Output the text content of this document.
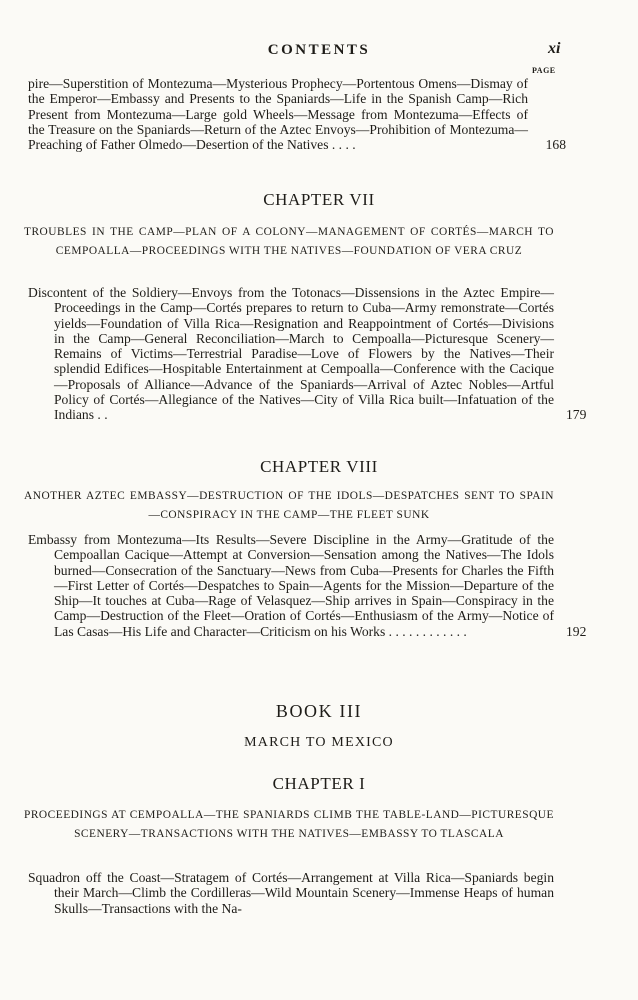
CONTENTS	xi
PAGE
pire—Superstition of Montezuma—Mysterious Prophecy—Portentous Omens—Dismay of the Emperor—Embassy and Presents to the Spaniards—Life in the Spanish Camp—Rich Present from Montezuma—Large gold Wheels—Message from Montezuma—Effects of the Treasure on the Spaniards—Return of the Aztec Envoys—Prohibition of Montezuma—Preaching of Father Olmedo—Desertion of the Natives . . . .	168
CHAPTER VII
TROUBLES IN THE CAMP—PLAN OF A COLONY—MANAGEMENT OF CORTÉS—MARCH TO CEMPOALLA—PROCEEDINGS WITH THE NATIVES—FOUNDATION OF VERA CRUZ
Discontent of the Soldiery—Envoys from the Totonacs—Dissensions in the Aztec Empire—Proceedings in the Camp—Cortés prepares to return to Cuba—Army remonstrate—Cortés yields—Foundation of Villa Rica—Resignation and Reappointment of Cortés—Divisions in the Camp—General Reconciliation—March to Cempoalla—Picturesque Scenery—Remains of Victims—Terrestrial Paradise—Love of Flowers by the Natives—Their splendid Edifices—Hospitable Entertainment at Cempoalla—Conference with the Cacique—Proposals of Alliance—Advance of the Spaniards—Arrival of Aztec Nobles—Artful Policy of Cortés—Allegiance of the Natives—City of Villa Rica built—Infatuation of the Indians . .	179
CHAPTER VIII
ANOTHER AZTEC EMBASSY—DESTRUCTION OF THE IDOLS—DESPATCHES SENT TO SPAIN—CONSPIRACY IN THE CAMP—THE FLEET SUNK
Embassy from Montezuma—Its Results—Severe Discipline in the Army—Gratitude of the Cempoallan Cacique—Attempt at Conversion—Sensation among the Natives—The Idols burned—Consecration of the Sanctuary—News from Cuba—Presents for Charles the Fifth—First Letter of Cortés—Despatches to Spain—Agents for the Mission—Departure of the Ship—It touches at Cuba—Rage of Velasquez—Ship arrives in Spain—Conspiracy in the Camp—Destruction of the Fleet—Oration of Cortés—Enthusiasm of the Army—Notice of Las Casas—His Life and Character—Criticism on his Works . . . . . . . . . . . .	192
BOOK III
MARCH TO MEXICO
CHAPTER I
PROCEEDINGS AT CEMPOALLA—THE SPANIARDS CLIMB THE TABLE-LAND—PICTURESQUE SCENERY—TRANSACTIONS WITH THE NATIVES—EMBASSY TO TLASCALA
Squadron off the Coast—Stratagem of Cortés—Arrangement at Villa Rica—Spaniards begin their March—Climb the Cordilleras—Wild Mountain Scenery—Immense Heaps of human Skulls—Transactions with the Na-
